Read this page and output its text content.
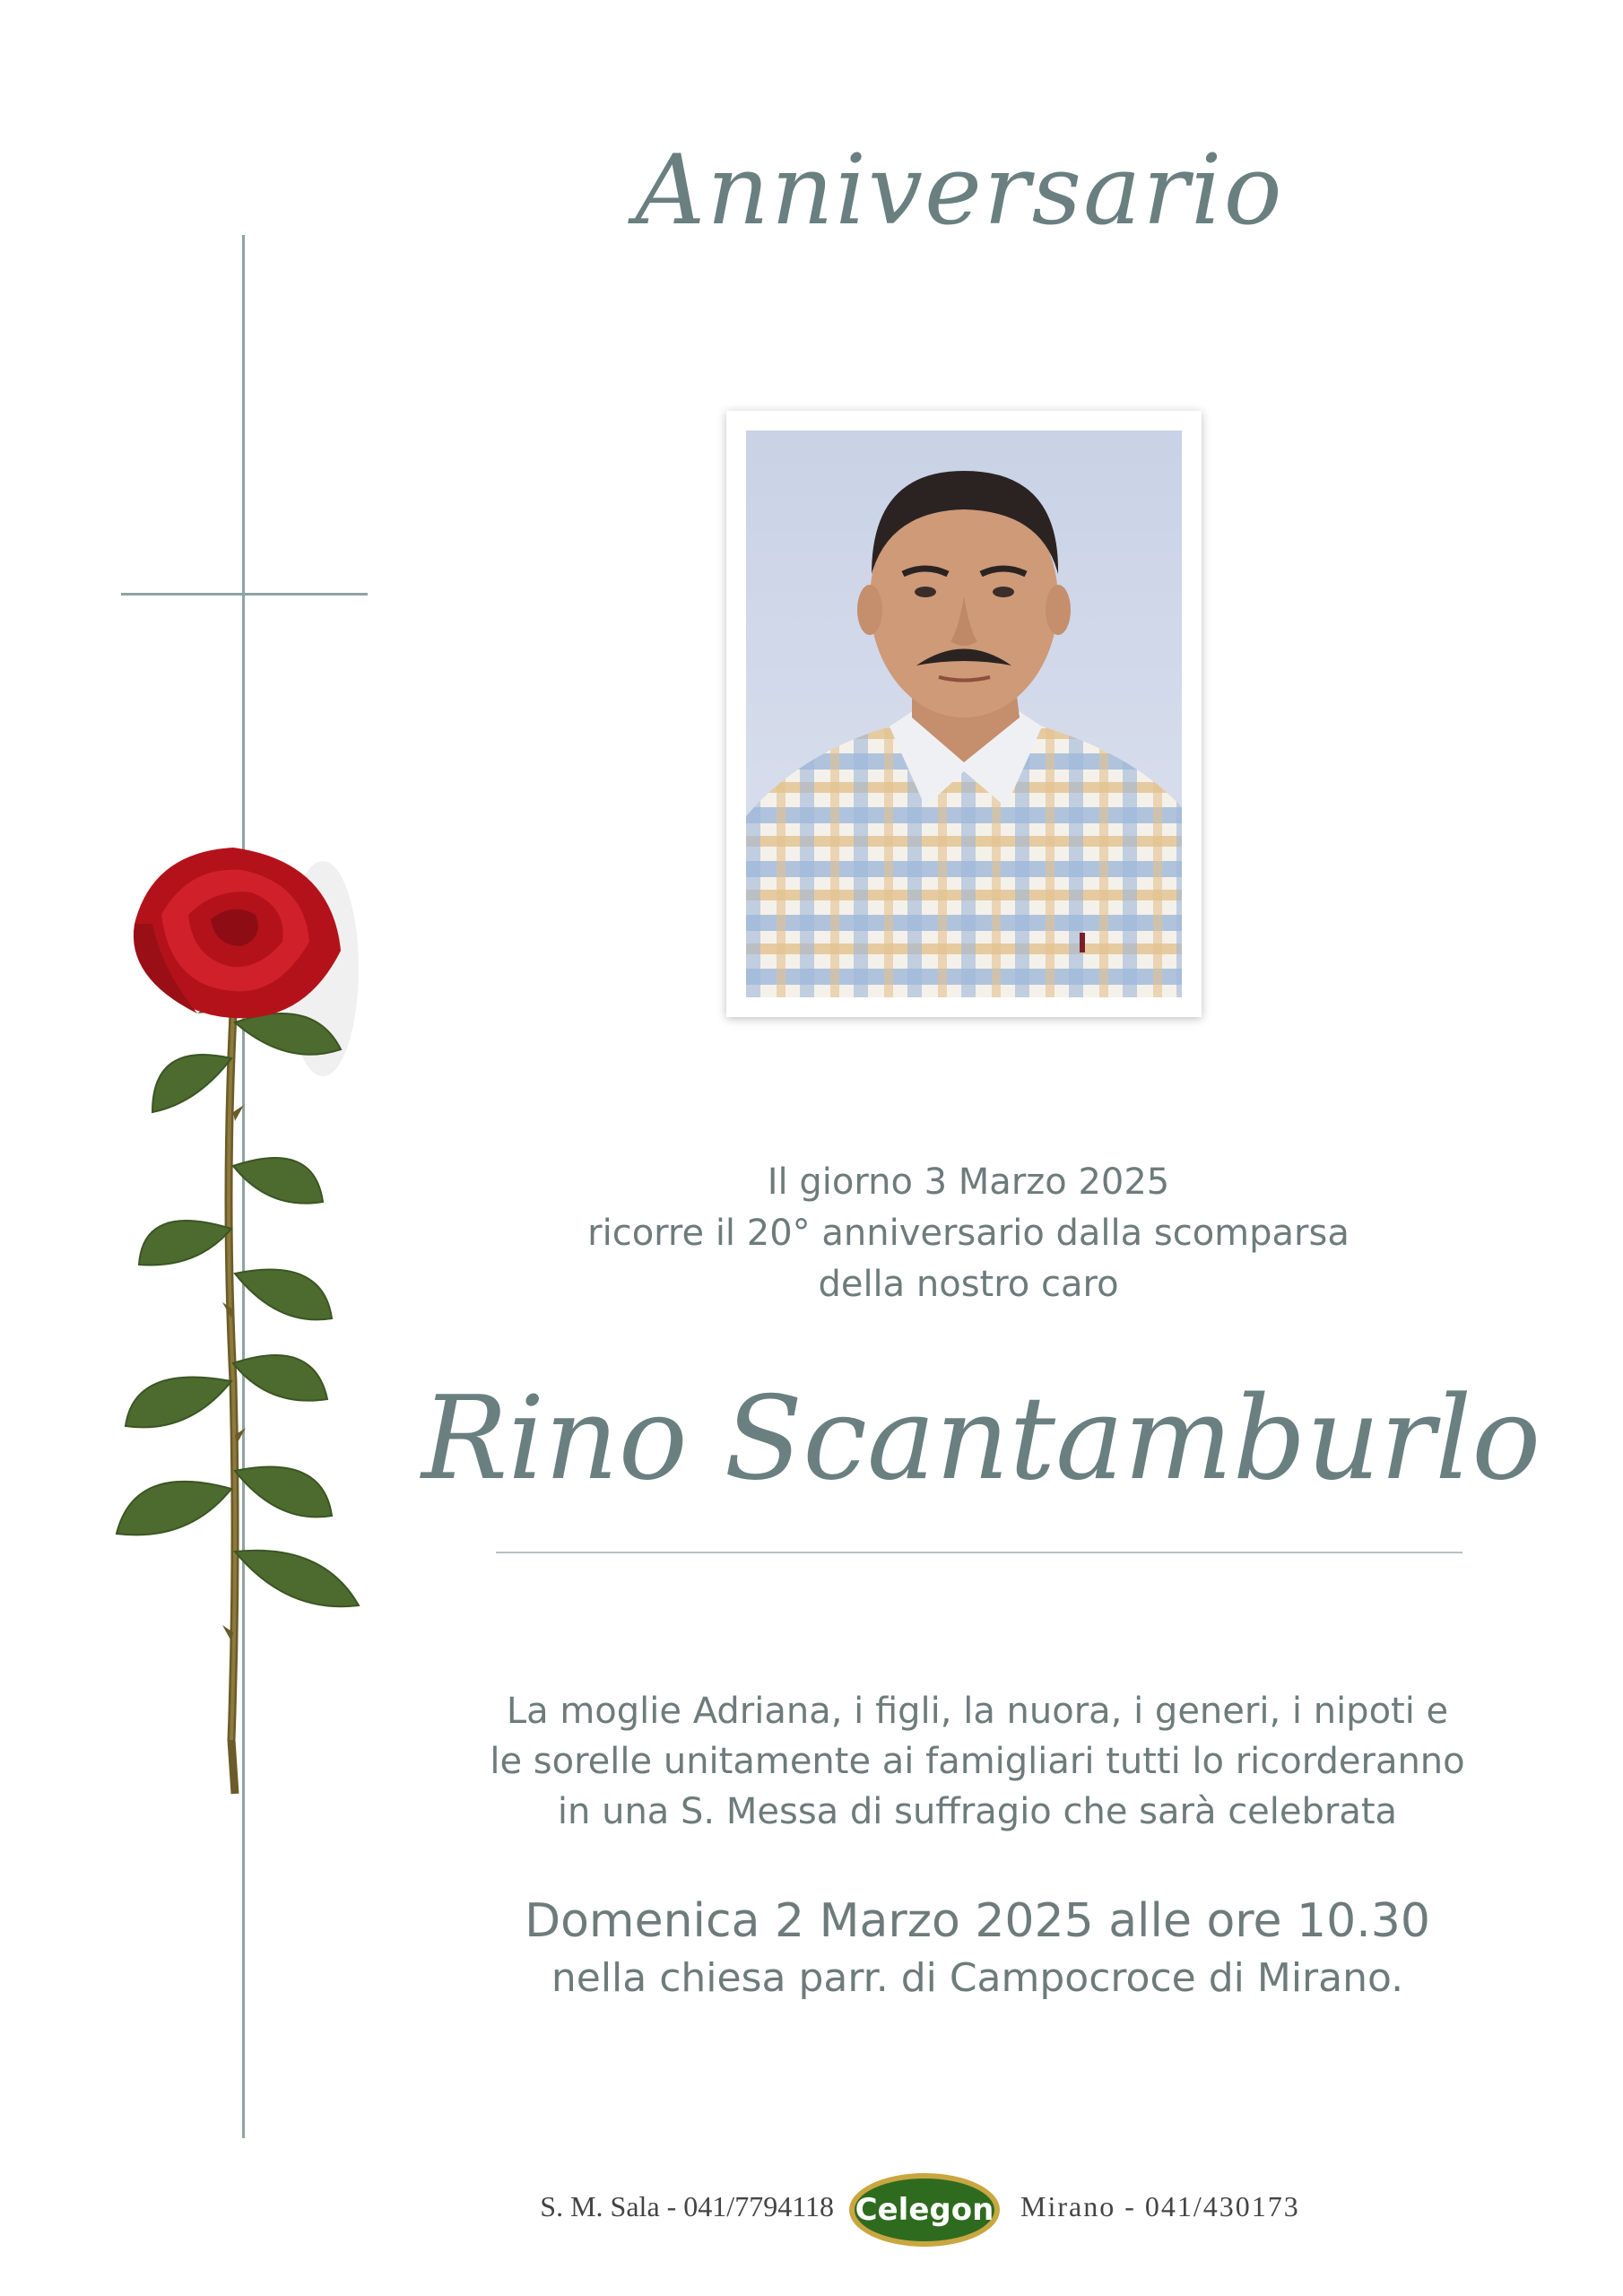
Anniversario
Il giorno 3 Marzo 2025
ricorre il 20° anniversario dalla scomparsa
della nostro caro
Rino Scantamburlo
La moglie Adriana, i figli, la nuora, i generi, i nipoti e
le sorelle unitamente ai famigliari tutti lo ricorderanno
in una S. Messa di suffragio che sarà celebrata
Domenica 2 Marzo 2025 alle ore 10.30
nella chiesa parr. di Campocroce di Mirano.
S. M. Sala - 041/7794118 Celegon Mirano - 041/430173
